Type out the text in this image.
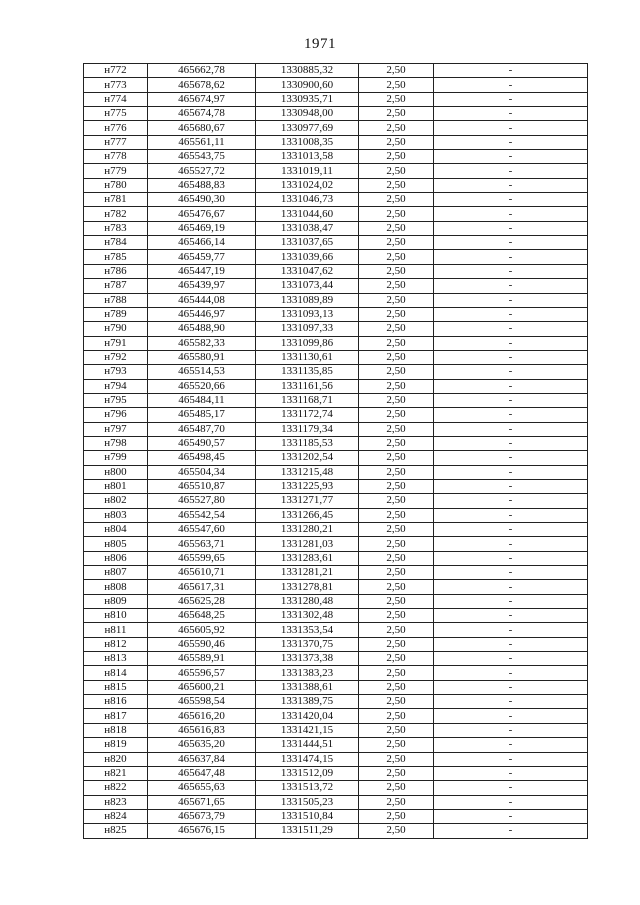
1971
н772	465662,78	1330885,32	2,50	-
н773	465678,62	1330900,60	2,50	-
н774	465674,97	1330935,71	2,50	-
н775	465674,78	1330948,00	2,50	-
н776	465680,67	1330977,69	2,50	-
н777	465561,11	1331008,35	2,50	-
н778	465543,75	1331013,58	2,50	-
н779	465527,72	1331019,11	2,50	-
н780	465488,83	1331024,02	2,50	-
н781	465490,30	1331046,73	2,50	-
н782	465476,67	1331044,60	2,50	-
н783	465469,19	1331038,47	2,50	-
н784	465466,14	1331037,65	2,50	-
н785	465459,77	1331039,66	2,50	-
н786	465447,19	1331047,62	2,50	-
н787	465439,97	1331073,44	2,50	-
н788	465444,08	1331089,89	2,50	-
н789	465446,97	1331093,13	2,50	-
н790	465488,90	1331097,33	2,50	-
н791	465582,33	1331099,86	2,50	-
н792	465580,91	1331130,61	2,50	-
н793	465514,53	1331135,85	2,50	-
н794	465520,66	1331161,56	2,50	-
н795	465484,11	1331168,71	2,50	-
н796	465485,17	1331172,74	2,50	-
н797	465487,70	1331179,34	2,50	-
н798	465490,57	1331185,53	2,50	-
н799	465498,45	1331202,54	2,50	-
н800	465504,34	1331215,48	2,50	-
н801	465510,87	1331225,93	2,50	-
н802	465527,80	1331271,77	2,50	-
н803	465542,54	1331266,45	2,50	-
н804	465547,60	1331280,21	2,50	-
н805	465563,71	1331281,03	2,50	-
н806	465599,65	1331283,61	2,50	-
н807	465610,71	1331281,21	2,50	-
н808	465617,31	1331278,81	2,50	-
н809	465625,28	1331280,48	2,50	-
н810	465648,25	1331302,48	2,50	-
н811	465605,92	1331353,54	2,50	-
н812	465590,46	1331370,75	2,50	-
н813	465589,91	1331373,38	2,50	-
н814	465596,57	1331383,23	2,50	-
н815	465600,21	1331388,61	2,50	-
н816	465598,54	1331389,75	2,50	-
н817	465616,20	1331420,04	2,50	-
н818	465616,83	1331421,15	2,50	-
н819	465635,20	1331444,51	2,50	-
н820	465637,84	1331474,15	2,50	-
н821	465647,48	1331512,09	2,50	-
н822	465655,63	1331513,72	2,50	-
н823	465671,65	1331505,23	2,50	-
н824	465673,79	1331510,84	2,50	-
н825	465676,15	1331511,29	2,50	-
